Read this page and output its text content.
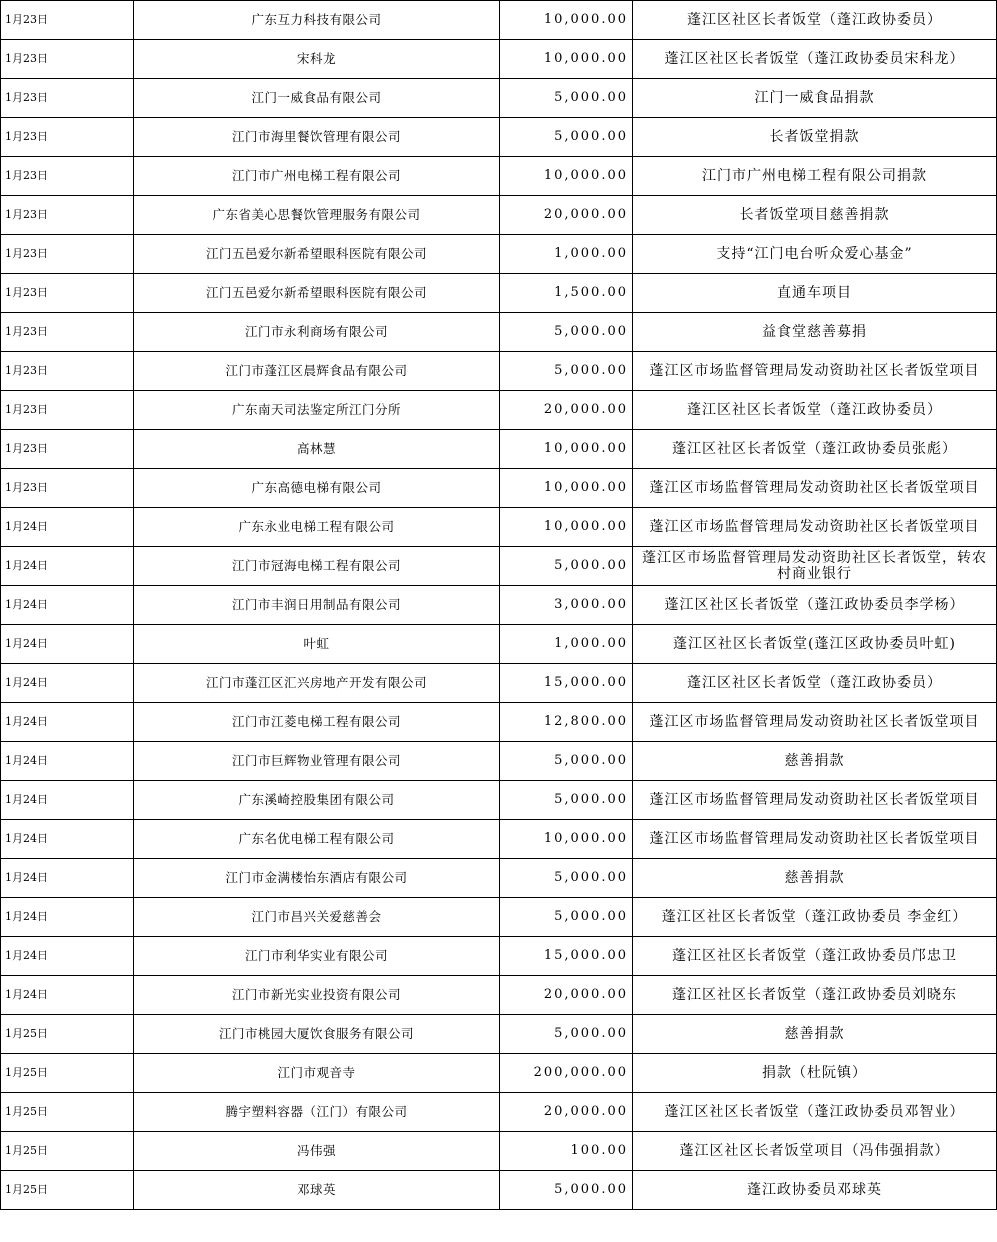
1月23日	广东互力科技有限公司	10,000.00	蓬江区社区长者饭堂（蓬江政协委员）
1月23日	宋科龙	10,000.00	蓬江区社区长者饭堂（蓬江政协委员宋科龙）
1月23日	江门一威食品有限公司	5,000.00	江门一威食品捐款
1月23日	江门市海里餐饮管理有限公司	5,000.00	长者饭堂捐款
1月23日	江门市广州电梯工程有限公司	10,000.00	江门市广州电梯工程有限公司捐款
1月23日	广东省美心思餐饮管理服务有限公司	20,000.00	长者饭堂项目慈善捐款
1月23日	江门五邑爱尔新希望眼科医院有限公司	1,000.00	支持“江门电台听众爱心基金”
1月23日	江门五邑爱尔新希望眼科医院有限公司	1,500.00	直通车项目
1月23日	江门市永利商场有限公司	5,000.00	益食堂慈善募捐
1月23日	江门市蓬江区晨辉食品有限公司	5,000.00	蓬江区市场监督管理局发动资助社区长者饭堂项目
1月23日	广东南天司法鉴定所江门分所	20,000.00	蓬江区社区长者饭堂（蓬江政协委员）
1月23日	高林慧	10,000.00	蓬江区社区长者饭堂（蓬江政协委员张彪）
1月23日	广东高德电梯有限公司	10,000.00	蓬江区市场监督管理局发动资助社区长者饭堂项目
1月24日	广东永业电梯工程有限公司	10,000.00	蓬江区市场监督管理局发动资助社区长者饭堂项目
1月24日	江门市冠海电梯工程有限公司	5,000.00	蓬江区市场监督管理局发动资助社区长者饭堂，转农村商业银行
1月24日	江门市丰润日用制品有限公司	3,000.00	蓬江区社区长者饭堂（蓬江政协委员李学杨）
1月24日	叶虹	1,000.00	蓬江区社区长者饭堂(蓬江区政协委员叶虹)
1月24日	江门市蓬江区汇兴房地产开发有限公司	15,000.00	蓬江区社区长者饭堂（蓬江政协委员）
1月24日	江门市江菱电梯工程有限公司	12,800.00	蓬江区市场监督管理局发动资助社区长者饭堂项目
1月24日	江门市巨辉物业管理有限公司	5,000.00	慈善捐款
1月24日	广东溪崎控股集团有限公司	5,000.00	蓬江区市场监督管理局发动资助社区长者饭堂项目
1月24日	广东名优电梯工程有限公司	10,000.00	蓬江区市场监督管理局发动资助社区长者饭堂项目
1月24日	江门市金满楼怡东酒店有限公司	5,000.00	慈善捐款
1月24日	江门市昌兴关爱慈善会	5,000.00	蓬江区社区长者饭堂（蓬江政协委员 李金红）
1月24日	江门市利华实业有限公司	15,000.00	蓬江区社区长者饭堂（蓬江政协委员邝忠卫
1月24日	江门市新光实业投资有限公司	20,000.00	蓬江区社区长者饭堂（蓬江政协委员刘晓东
1月25日	江门市桃园大厦饮食服务有限公司	5,000.00	慈善捐款
1月25日	江门市观音寺	200,000.00	捐款（杜阮镇）
1月25日	腾宇塑料容器（江门）有限公司	20,000.00	蓬江区社区长者饭堂（蓬江政协委员邓智业）
1月25日	冯伟强	100.00	蓬江区社区长者饭堂项目（冯伟强捐款）
1月25日	邓球英	5,000.00	蓬江政协委员邓球英
